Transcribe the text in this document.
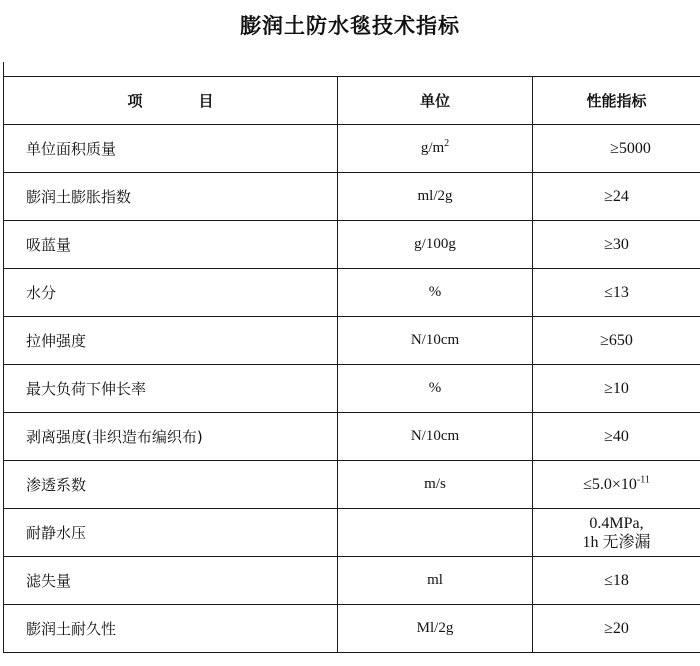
膨润土防水毯技术指标
项 目	单位	性能指标
单位面积质量	$g/m^2$	≥5000
膨润土膨胀指数	ml/2g	≥24
吸蓝量	g/100g	≥30
水分	%	≤13
拉伸强度	N/10cm	≥650
最大负荷下伸长率	%	≥10
剥离强度(非织造布编织布)	N/10cm	≥40
渗透系数	m/s	$\le 5.0\times 10^{-11}$
耐静水压		0.4MPa,
1h 无渗漏

滤失量	ml	≤18
膨润土耐久性	Ml/2g	≥20
